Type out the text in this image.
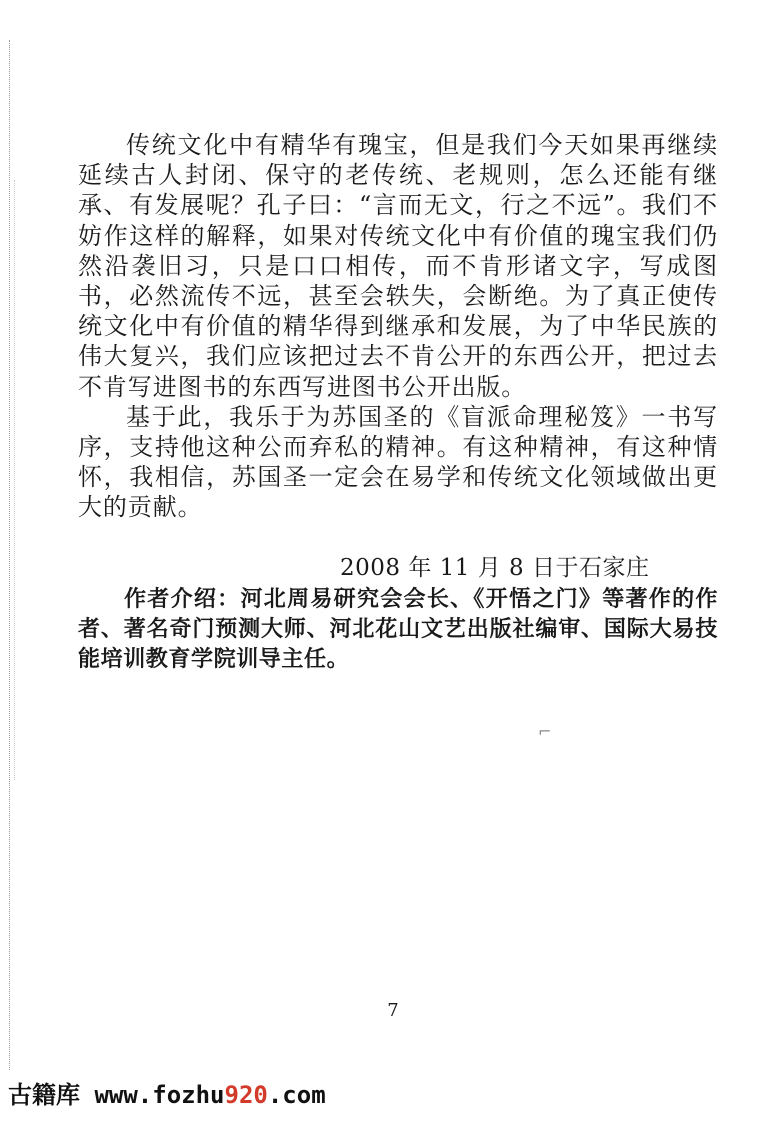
传统文化中有精华有瑰宝，但是我们今天如果再继续延续古人封闭、保守的老传统、老规则，怎么还能有继承、有发展呢？孔子曰：“言而无文，行之不远”。我们不妨作这样的解释，如果对传统文化中有价值的瑰宝我们仍然沿袭旧习，只是口口相传，而不肯形诸文字，写成图书，必然流传不远，甚至会轶失，会断绝。为了真正使传统文化中有价值的精华得到继承和发展，为了中华民族的伟大复兴，我们应该把过去不肯公开的东西公开，把过去不肯写进图书的东西写进图书公开出版。

基于此，我乐于为苏国圣的《盲派命理秘笈》一书写序，支持他这种公而弃私的精神。有这种精神，有这种情怀，我相信，苏国圣一定会在易学和传统文化领域做出更大的贡献。

2008 年 11 月 8 日于石家庄

作者介绍：河北周易研究会会长、《开悟之门》等著作的作者、著名奇门预测大师、河北花山文艺出版社编审、国际大易技能培训教育学院训导主任。

⌐
7
古籍库 www.fozhu920.com
